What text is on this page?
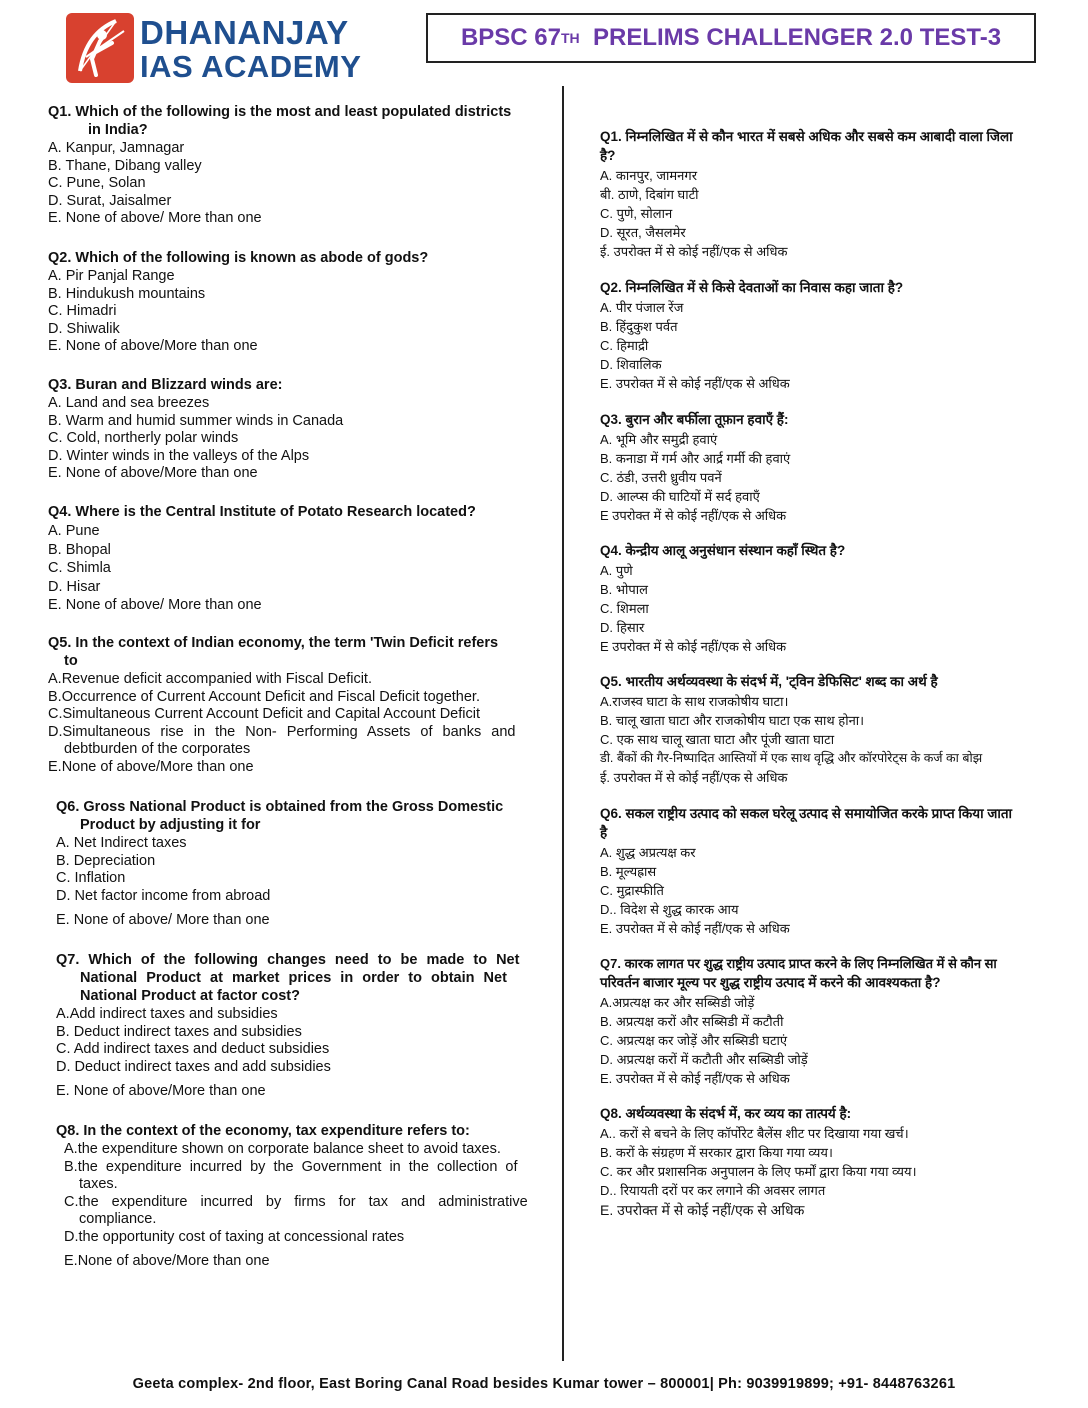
DHANANJAY
IAS ACADEMY
BPSC 67 TH PRELIMS CHALLENGER 2.0 TEST-3
Q1. Which of the following is the most and least populated districts
in India?
A. Kanpur, Jamnagar
B. Thane, Dibang valley
C. Pune, Solan
D. Surat, Jaisalmer
E. None of above/ More than one
Q2. Which of the following is known as abode of gods?
A. Pir Panjal Range
B. Hindukush mountains
C. Himadri
D. Shiwalik
E. None of above/More than one
Q3. Buran and Blizzard winds are:
A. Land and sea breezes
B. Warm and humid summer winds in Canada
C. Cold, northerly polar winds
D. Winter winds in the valleys of the Alps
E. None of above/More than one
Q4. Where is the Central Institute of Potato Research located?
A. Pune
B. Bhopal
C. Shimla
D. Hisar
E. None of above/ More than one
Q5. In the context of Indian economy, the term 'Twin Deficit refers
to
A.Revenue deficit accompanied with Fiscal Deficit.
B.Occurrence of Current Account Deficit and Fiscal Deficit together.
C.Simultaneous Current Account Deficit and Capital Account Deficit
D.Simultaneous rise in the Non- Performing Assets of banks and
debtburden of the corporates
E.None of above/More than one
Q6. Gross National Product is obtained from the Gross Domestic
Product by adjusting it for
A. Net Indirect taxes
B. Depreciation
C. Inflation
D. Net factor income from abroad
E. None of above/ More than one
Q7. Which of the following changes need to be made to Net
National Product at market prices in order to obtain Net
National Product at factor cost?
A.Add indirect taxes and subsidies
B. Deduct indirect taxes and subsidies
C. Add indirect taxes and deduct subsidies
D. Deduct indirect taxes and add subsidies
E. None of above/More than one
Q8. In the context of the economy, tax expenditure refers to:
A.the expenditure shown on corporate balance sheet to avoid taxes.
B.the expenditure incurred by the Government in the collection of
taxes.
C.the expenditure incurred by firms for tax and administrative
compliance.
D.the opportunity cost of taxing at concessional rates
E.None of above/More than one
Q1. निम्नलिखित में से कौन भारत में सबसे अधिक और सबसे कम आबादी वाला जिला
है?
A. कानपुर, जामनगर
बी. ठाणे, दिबांग घाटी
C. पुणे, सोलान
D. सूरत, जैसलमेर
ई. उपरोक्त में से कोई नहीं/एक से अधिक
Q2. निम्नलिखित में से किसे देवताओं का निवास कहा जाता है?
A. पीर पंजाल रेंज
B. हिंदुकुश पर्वत
C. हिमाद्री
D. शिवालिक
E. उपरोक्त में से कोई नहीं/एक से अधिक
Q3. बुरान और बर्फीला तूफ़ान हवाएँ हैं:
A. भूमि और समुद्री हवाएं
B. कनाडा में गर्म और आर्द्र गर्मी की हवाएं
C. ठंडी, उत्तरी ध्रुवीय पवनें
D. आल्प्स की घाटियों में सर्द हवाएँ
E उपरोक्त में से कोई नहीं/एक से अधिक
Q4. केन्द्रीय आलू अनुसंधान संस्थान कहाँ स्थित है?
A. पुणे
B. भोपाल
C. शिमला
D. हिसार
E उपरोक्त में से कोई नहीं/एक से अधिक
Q5. भारतीय अर्थव्यवस्था के संदर्भ में, 'ट्विन डेफिसिट' शब्द का अर्थ है
A.राजस्व घाटा के साथ राजकोषीय घाटा।
B. चालू खाता घाटा और राजकोषीय घाटा एक साथ होना।
C. एक साथ चालू खाता घाटा और पूंजी खाता घाटा
डी. बैंकों की गैर-निष्पादित आस्तियों में एक साथ वृद्धि और कॉरपोरेट्स के कर्ज का बोझ
ई. उपरोक्त में से कोई नहीं/एक से अधिक
Q6. सकल राष्ट्रीय उत्पाद को सकल घरेलू उत्पाद से समायोजित करके प्राप्त किया जाता
है
A. शुद्ध अप्रत्यक्ष कर
B. मूल्यह्रास
C. मुद्रास्फीति
D.. विदेश से शुद्ध कारक आय
E. उपरोक्त में से कोई नहीं/एक से अधिक
Q7. कारक लागत पर शुद्ध राष्ट्रीय उत्पाद प्राप्त करने के लिए निम्नलिखित में से कौन सा
परिवर्तन बाजार मूल्य पर शुद्ध राष्ट्रीय उत्पाद में करने की आवश्यकता है?
A.अप्रत्यक्ष कर और सब्सिडी जोड़ें
B. अप्रत्यक्ष करों और सब्सिडी में कटौती
C. अप्रत्यक्ष कर जोड़ें और सब्सिडी घटाएं
D. अप्रत्यक्ष करों में कटौती और सब्सिडी जोड़ें
E. उपरोक्त में से कोई नहीं/एक से अधिक
Q8. अर्थव्यवस्था के संदर्भ में, कर व्यय का तात्पर्य है:
A.. करों से बचने के लिए कॉर्पोरेट बैलेंस शीट पर दिखाया गया खर्च।
B. करों के संग्रहण में सरकार द्वारा किया गया व्यय।
C. कर और प्रशासनिक अनुपालन के लिए फर्मों द्वारा किया गया व्यय।
D.. रियायती दरों पर कर लगाने की अवसर लागत
E. उपरोक्त में से कोई नहीं/एक से अधिक
Geeta complex- 2nd floor, East Boring Canal Road besides Kumar tower – 800001| Ph: 9039919899; +91- 8448763261
